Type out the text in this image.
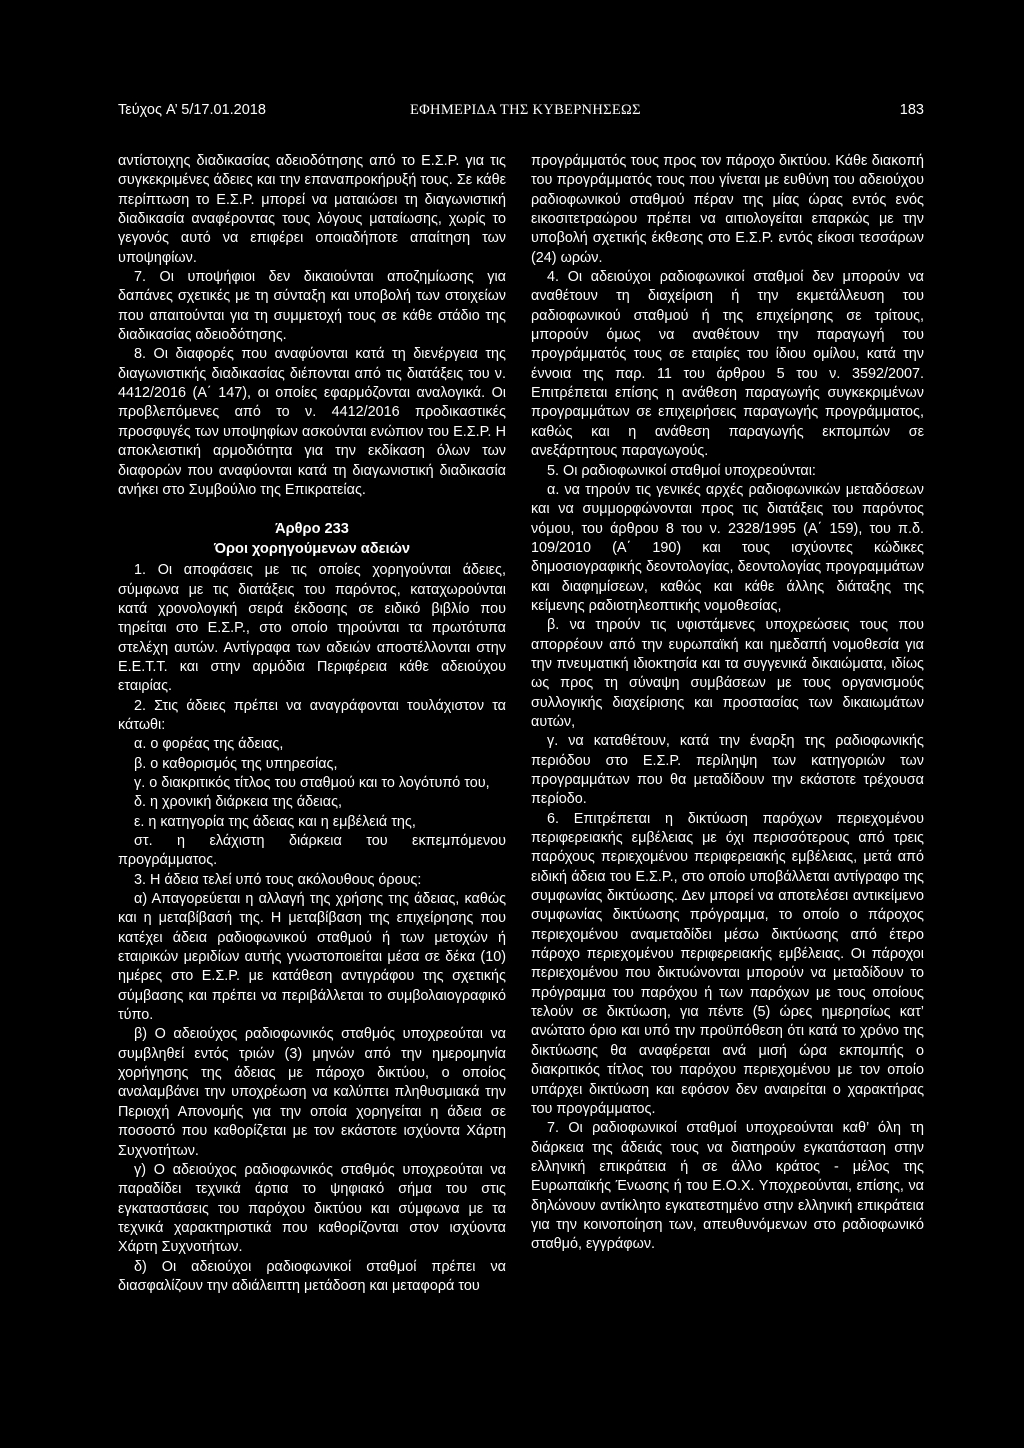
Τεύχος A’ 5/17.01.2018	ΕΦΗΜΕΡΙΔΑ ΤΗΣ ΚΥΒΕΡΝΗΣΕΩΣ	183

αντίστοιχης διαδικασίας αδειοδότησης από το Ε.Σ.Ρ. για τις συγκεκριμένες άδειες και την επαναπροκήρυξή τους. Σε κάθε περίπτωση το Ε.Σ.Ρ. μπορεί να ματαιώσει τη διαγωνιστική διαδικασία αναφέροντας τους λόγους ματαίωσης, χωρίς το γεγονός αυτό να επιφέρει οποιαδήποτε απαίτηση των υποψηφίων.

7. Οι υποψήφιοι δεν δικαιούνται αποζημίωσης για δαπάνες σχετικές με τη σύνταξη και υποβολή των στοιχείων που απαιτούνται για τη συμμετοχή τους σε κάθε στάδιο της διαδικασίας αδειοδότησης.

8. Οι διαφορές που αναφύονται κατά τη διενέργεια της διαγωνιστικής διαδικασίας διέπονται από τις διατάξεις του ν. 4412/2016 (Α΄ 147), οι οποίες εφαρμόζονται αναλογικά. Οι προβλεπόμενες από το ν. 4412/2016 προδικαστικές προσφυγές των υποψηφίων ασκούνται ενώπιον του Ε.Σ.Ρ. Η αποκλειστική αρμοδιότητα για την εκδίκαση όλων των διαφορών που αναφύονται κατά τη διαγωνιστική διαδικασία ανήκει στο Συμβούλιο της Επικρατείας.

Άρθρο 233
Όροι χορηγούμενων αδειών

1. Οι αποφάσεις με τις οποίες χορηγούνται άδειες, σύμφωνα με τις διατάξεις του παρόντος, καταχωρούνται κατά χρονολογική σειρά έκδοσης σε ειδικό βιβλίο που τηρείται στο Ε.Σ.Ρ., στο οποίο τηρούνται τα πρωτότυπα στελέχη αυτών. Αντίγραφα των αδειών αποστέλλονται στην Ε.Ε.Τ.Τ. και στην αρμόδια Περιφέρεια κάθε αδειούχου εταιρίας.

2. Στις άδειες πρέπει να αναγράφονται τουλάχιστον τα κάτωθι:

α. ο φορέας της άδειας,

β. ο καθορισμός της υπηρεσίας,

γ. ο διακριτικός τίτλος του σταθμού και το λογότυπό του,

δ. η χρονική διάρκεια της άδειας,

ε. η κατηγορία της άδειας και η εμβέλειά της,

στ. η ελάχιστη διάρκεια του εκπεμπόμενου προγράμματος.

3. Η άδεια τελεί υπό τους ακόλουθους όρους:

α) Απαγορεύεται η αλλαγή της χρήσης της άδειας, καθώς και η μεταβίβασή της. Η μεταβίβαση της επιχείρησης που κατέχει άδεια ραδιοφωνικού σταθμού ή των μετοχών ή εταιρικών μεριδίων αυτής γνωστοποιείται μέσα σε δέκα (10) ημέρες στο Ε.Σ.Ρ. με κατάθεση αντιγράφου της σχετικής σύμβασης και πρέπει να περιβάλλεται το συμβολαιογραφικό τύπο.

β) Ο αδειούχος ραδιοφωνικός σταθμός υποχρεούται να συμβληθεί εντός τριών (3) μηνών από την ημερομηνία χορήγησης της άδειας με πάροχο δικτύου, ο οποίος αναλαμβάνει την υποχρέωση να καλύπτει πληθυσμιακά την Περιοχή Απονομής για την οποία χορηγείται η άδεια σε ποσοστό που καθορίζεται με τον εκάστοτε ισχύοντα Χάρτη Συχνοτήτων.

γ) Ο αδειούχος ραδιοφωνικός σταθμός υποχρεούται να παραδίδει τεχνικά άρτια το ψηφιακό σήμα του στις εγκαταστάσεις του παρόχου δικτύου και σύμφωνα με τα τεχνικά χαρακτηριστικά που καθορίζονται στον ισχύοντα Χάρτη Συχνοτήτων.

δ) Οι αδειούχοι ραδιοφωνικοί σταθμοί πρέπει να διασφαλίζουν την αδιάλειπτη μετάδοση και μεταφορά του

προγράμματός τους προς τον πάροχο δικτύου. Κάθε διακοπή του προγράμματός τους που γίνεται με ευθύνη του αδειούχου ραδιοφωνικού σταθμού πέραν της μίας ώρας εντός ενός εικοσιτετραώρου πρέπει να αιτιολογείται επαρκώς με την υποβολή σχετικής έκθεσης στο Ε.Σ.Ρ. εντός είκοσι τεσσάρων (24) ωρών.

4. Οι αδειούχοι ραδιοφωνικοί σταθμοί δεν μπορούν να αναθέτουν τη διαχείριση ή την εκμετάλλευση του ραδιοφωνικού σταθμού ή της επιχείρησης σε τρίτους, μπορούν όμως να αναθέτουν την παραγωγή του προγράμματός τους σε εταιρίες του ίδιου ομίλου, κατά την έννοια της παρ. 11 του άρθρου 5 του ν. 3592/2007. Επιτρέπεται επίσης η ανάθεση παραγωγής συγκεκριμένων προγραμμάτων σε επιχειρήσεις παραγωγής προγράμματος, καθώς και η ανάθεση παραγωγής εκπομπών σε ανεξάρτητους παραγωγούς.

5. Οι ραδιοφωνικοί σταθμοί υποχρεούνται:

α. να τηρούν τις γενικές αρχές ραδιοφωνικών μεταδόσεων και να συμμορφώνονται προς τις διατάξεις του παρόντος νόμου, του άρθρου 8 του ν. 2328/1995 (Α΄ 159), του π.δ. 109/2010 (Α΄ 190) και τους ισχύοντες κώδικες δημοσιογραφικής δεοντολογίας, δεοντολογίας προγραμμάτων και διαφημίσεων, καθώς και κάθε άλλης διάταξης της κείμενης ραδιοτηλεοπτικής νομοθεσίας,

β. να τηρούν τις υφιστάμενες υποχρεώσεις τους που απορρέουν από την ευρωπαϊκή και ημεδαπή νομοθεσία για την πνευματική ιδιοκτησία και τα συγγενικά δικαιώματα, ιδίως ως προς τη σύναψη συμβάσεων με τους οργανισμούς συλλογικής διαχείρισης και προστασίας των δικαιωμάτων αυτών,

γ. να καταθέτουν, κατά την έναρξη της ραδιοφωνικής περιόδου στο Ε.Σ.Ρ. περίληψη των κατηγοριών των προγραμμάτων που θα μεταδίδουν την εκάστοτε τρέχουσα περίοδο.

6. Επιτρέπεται η δικτύωση παρόχων περιεχομένου περιφερειακής εμβέλειας με όχι περισσότερους από τρεις παρόχους περιεχομένου περιφερειακής εμβέλειας, μετά από ειδική άδεια του Ε.Σ.Ρ., στο οποίο υποβάλλεται αντίγραφο της συμφωνίας δικτύωσης. Δεν μπορεί να αποτελέσει αντικείμενο συμφωνίας δικτύωσης πρόγραμμα, το οποίο ο πάροχος περιεχομένου αναμεταδίδει μέσω δικτύωσης από έτερο πάροχο περιεχομένου περιφερειακής εμβέλειας. Οι πάροχοι περιεχομένου που δικτυώνονται μπορούν να μεταδίδουν το πρόγραμμα του παρόχου ή των παρόχων με τους οποίους τελούν σε δικτύωση, για πέντε (5) ώρες ημερησίως κατ’ ανώτατο όριο και υπό την προϋπόθεση ότι κατά το χρόνο της δικτύωσης θα αναφέρεται ανά μισή ώρα εκπομπής ο διακριτικός τίτλος του παρόχου περιεχομένου με τον οποίο υπάρχει δικτύωση και εφόσον δεν αναιρείται ο χαρακτήρας του προγράμματος.

7. Οι ραδιοφωνικοί σταθμοί υποχρεούνται καθ’ όλη τη διάρκεια της άδειάς τους να διατηρούν εγκατάσταση στην ελληνική επικράτεια ή σε άλλο κράτος - μέλος της Ευρωπαϊκής Ένωσης ή του Ε.Ο.Χ. Υποχρεούνται, επίσης, να δηλώνουν αντίκλητο εγκατεστημένο στην ελληνική επικράτεια για την κοινοποίηση των, απευθυνόμενων στο ραδιοφωνικό σταθμό, εγγράφων.
